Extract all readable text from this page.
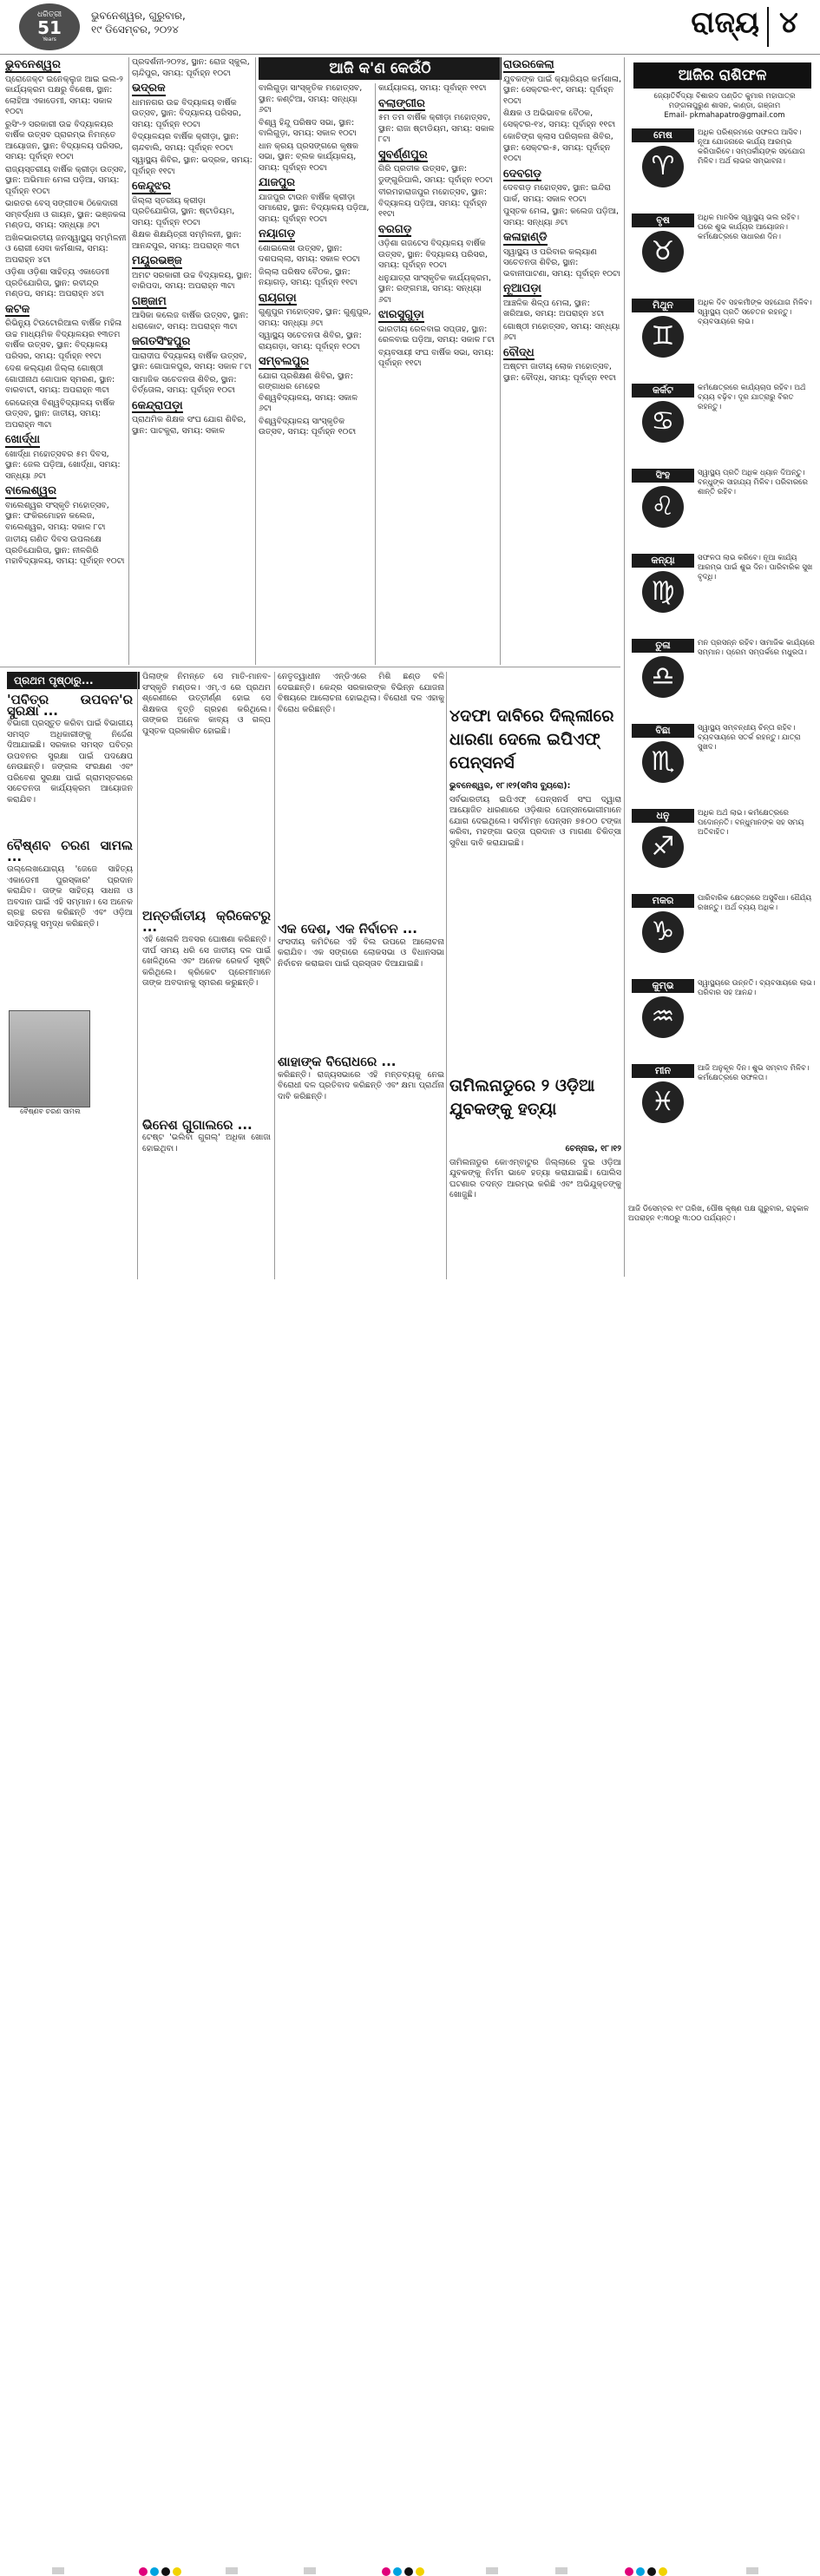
ଧରିତ୍ରୀ
51
Years
ଭୁବନେଶ୍ୱର, ଗୁରୁବାର,
୧୯ ଡିସେମ୍ବର, ୨୦୨୪	ରାଜ୍ୟ ୪
ଆଜି କ'ଣ କେଉଁଠି
ଭୁବନେଶ୍ୱର

ପ୍ରୋଜେକ୍ଟ ଇନେକ୍ଲୁଜ ଆଇ ଇଲ-୨ କାର୍ଯ୍ୟକ୍ରମ ପକ୍ଷରୁ ବିଶେଷ, ସ୍ଥାନ: ଲୋହିଆ ଏକାଡେମୀ, ସମୟ: ସକାଳ ୧୦ଟା

ରୁସିଂ-୨ ସରକାରୀ ଉଚ୍ଚ ବିଦ୍ୟାଳୟର ବାର୍ଷିକ ଉତ୍ସବ ପ୍ରାରମ୍ଭ ନିମନ୍ତେ ଆୟୋଜନ, ସ୍ଥାନ: ବିଦ୍ୟାଳୟ ପରିସର, ସମୟ: ପୂର୍ବାହ୍ନ ୧୦ଟା

ରାଜ୍ୟସ୍ତରୀୟ ବାର୍ଷିକ କ୍ରୀଡ଼ା ଉତ୍ସବ, ସ୍ଥାନ: ଅଭିମାନ ମେଳା ପଡ଼ିଆ, ସମୟ: ପୂର୍ବାହ୍ନ ୧୦ଟା

ଭାରତର ବେସ୍ ସଙ୍ଗୀତଜ୍ଞ ଠିକେଦାରୀ ସମ୍ବର୍ଦ୍ଧନା ଓ ଗାୟନ, ସ୍ଥାନ: ଭଞ୍ଜକଳା ମଣ୍ଡପ, ସମୟ: ସନ୍ଧ୍ୟା ୬ଟା

ଅଖିଳଭାରତୀୟ ଜନସ୍ୱାସ୍ଥ୍ୟ ସମ୍ମିଳନୀ ଓ ରୋଗୀ ସେବା କର୍ମଶାଳା, ସମୟ: ଅପରାହ୍ନ ୪ଟା

ଓଡ଼ିଶା ଓଡ଼ିଶା ସାହିତ୍ୟ ଏକାଡେମୀ ପ୍ରତିଯୋଗିତା, ସ୍ଥାନ: ରବୀନ୍ଦ୍ର ମଣ୍ଡପ, ସମୟ: ଅପରାହ୍ନ ୪ଟା

କଟକ

ରିଭିନ୍ୟୁ ଟିଉଟୋରିଆଲ ବାର୍ଷିକ ମହିଳା ଉଚ୍ଚ ମାଧ୍ୟମିକ ବିଦ୍ୟାଳୟର ୧୩ତମ ବାର୍ଷିକ ଉତ୍ସବ, ସ୍ଥାନ: ବିଦ୍ୟାଳୟ ପରିସର, ସମୟ: ପୂର୍ବାହ୍ନ ୧୧ଟା

ଦେଶ କଲ୍ୟାଣ ଜିଲ୍ଲା ଗୋଷ୍ଠୀ ଗୋପୀନାଥ ଗୋପାଳ ସ୍ମରଣ, ସ୍ଥାନ: ବାରବାଟୀ, ସମୟ: ଅପରାହ୍ନ ୩ଟା

ରେଭେନ୍ସା ବିଶ୍ୱବିଦ୍ୟାଳୟ ବାର୍ଷିକ ଉତ୍ସବ, ସ୍ଥାନ: ଜାତୀୟ, ସମୟ: ଅପରାହ୍ନ ୩ଟା

ଖୋର୍ଦ୍ଧା

ଖୋର୍ଦ୍ଧା ମହୋତ୍ସବର ୫ମ ଦିବସ, ସ୍ଥାନ: ଜେଲ ପଡ଼ିଆ, ଖୋର୍ଦ୍ଧା, ସମୟ: ସନ୍ଧ୍ୟା ୬ଟା

ବାଲେଶ୍ୱର

ବାଲେଶ୍ୱର ସଂସ୍କୃତି ମହୋତ୍ସବ, ସ୍ଥାନ: ଫକିରମୋହନ କଲେଜ, ବାଲେଶ୍ୱର, ସମୟ: ସକାଳ ୮ଟା

ଜାତୀୟ ଗଣିତ ଦିବସ ଉପଲକ୍ଷେ ପ୍ରତିଯୋଗିତା, ସ୍ଥାନ: ନୀଳଗିରି ମହାବିଦ୍ୟାଳୟ, ସମୟ: ପୂର୍ବାହ୍ନ ୧୦ଟା

ପ୍ରଦର୍ଶନୀ-୨୦୨୪, ସ୍ଥାନ: ରୋଜ ସ୍କୁଲ, ଚାନ୍ଦିପୁର, ସମୟ: ପୂର୍ବାହ୍ନ ୧୦ଟା

ଭଦ୍ରକ

ଧାମନଗର ଉଚ୍ଚ ବିଦ୍ୟାଳୟ ବାର୍ଷିକ ଉତ୍ସବ, ସ୍ଥାନ: ବିଦ୍ୟାଳୟ ପରିସର, ସମୟ: ପୂର୍ବାହ୍ନ ୧୦ଟା

ବିଦ୍ୟାଳୟର ବାର୍ଷିକ କ୍ରୀଡ଼ା, ସ୍ଥାନ: ଚାନ୍ଦବାଲି, ସମୟ: ପୂର୍ବାହ୍ନ ୧୦ଟା

ସ୍ୱାସ୍ଥ୍ୟ ଶିବିର, ସ୍ଥାନ: ଭଦ୍ରକ, ସମୟ: ପୂର୍ବାହ୍ନ ୧୧ଟା

କେନ୍ଦୁଝର

ଜିଲ୍ଲା ସ୍ତରୀୟ କ୍ରୀଡ଼ା ପ୍ରତିଯୋଗିତା, ସ୍ଥାନ: ଷ୍ଟାଡିୟମ, ସମୟ: ପୂର୍ବାହ୍ନ ୧୦ଟା

ଶିକ୍ଷକ ଶିକ୍ଷୟିତ୍ରୀ ସମ୍ମିଳନୀ, ସ୍ଥାନ: ଆନନ୍ଦପୁର, ସମୟ: ଅପରାହ୍ନ ୩ଟା

ମୟୂରଭଞ୍ଜ

ଅମଟ ସରକାରୀ ଉଚ୍ଚ ବିଦ୍ୟାଳୟ, ସ୍ଥାନ: ବାରିପଦା, ସମୟ: ଅପରାହ୍ନ ୩ଟା

ଗଞ୍ଜାମ

ଆସିକା କଲେଜ ବାର୍ଷିକ ଉତ୍ସବ, ସ୍ଥାନ: ଧରାକୋଟ, ସମୟ: ଅପରାହ୍ନ ୩ଟା

ଜଗତସିଂହପୁର

ପାରାଦୀପ ବିଦ୍ୟାଳୟ ବାର୍ଷିକ ଉତ୍ସବ, ସ୍ଥାନ: ଗୋପାଳପୁର, ସମୟ: ସକାଳ ୮ଟା

ସାମାଜିକ ସଚେତନତା ଶିବିର, ସ୍ଥାନ: ତିର୍ତ୍ତୋଲ, ସମୟ: ପୂର୍ବାହ୍ନ ୧୦ଟା

କେନ୍ଦ୍ରାପଡ଼ା

ପ୍ରାଥମିକ ଶିକ୍ଷକ ସଂଘ ଯୋଗ ଶିବିର, ସ୍ଥାନ: ପାଟକୁରା, ସମୟ: ସକାଳ

ବାଲିଗୁଡ଼ା ସାଂସ୍କୃତିକ ମହୋତ୍ସବ, ସ୍ଥାନ: କଣ୍ଟିଆ, ସମୟ: ସନ୍ଧ୍ୟା ୬ଟା

ବିଶ୍ୱ ହିନ୍ଦୁ ପରିଷଦ ସଭା, ସ୍ଥାନ: ବାଲିଗୁଡ଼ା, ସମୟ: ସକାଳ ୧୦ଟା

ଧାନ କ୍ରୟ ପ୍ରସଙ୍ଗରେ କୃଷକ ସଭା, ସ୍ଥାନ: ବ୍ଲକ କାର୍ଯ୍ୟାଳୟ, ସମୟ: ପୂର୍ବାହ୍ନ ୧୦ଟା

ଯାଜପୁର

ଯାଜପୁର ଟାଉନ ବାର୍ଷିକ କ୍ରୀଡ଼ା ସମାରୋହ, ସ୍ଥାନ: ବିଦ୍ୟାଳୟ ପଡ଼ିଆ, ସମୟ: ପୂର୍ବାହ୍ନ ୧୦ଟା

ନୟାଗଡ଼

ଶୋଇଲେଖ ଉତ୍ସବ, ସ୍ଥାନ: ଦଶପଲ୍ଲା, ସମୟ: ସକାଳ ୧୦ଟା

ଜିଲ୍ଲା ପରିଷଦ ବୈଠକ, ସ୍ଥାନ: ନୟାଗଡ଼, ସମୟ: ପୂର୍ବାହ୍ନ ୧୧ଟା

ରାୟଗଡ଼ା

ଗୁଣୁପୁର ମହୋତ୍ସବ, ସ୍ଥାନ: ଗୁଣୁପୁର, ସମୟ: ସନ୍ଧ୍ୟା ୬ଟା

ସ୍ୱାସ୍ଥ୍ୟ ସଚେତନତା ଶିବିର, ସ୍ଥାନ: ରାୟଗଡ଼ା, ସମୟ: ପୂର୍ବାହ୍ନ ୧୦ଟା

ସମ୍ବଲପୁର

ଯୋଗ ପ୍ରଶିକ୍ଷଣ ଶିବିର, ସ୍ଥାନ: ଗଙ୍ଗାଧର ମେହେର ବିଶ୍ୱବିଦ୍ୟାଳୟ, ସମୟ: ସକାଳ ୬ଟା

ବିଶ୍ୱବିଦ୍ୟାଳୟ ସାଂସ୍କୃତିକ ଉତ୍ସବ, ସମୟ: ପୂର୍ବାହ୍ନ ୧୦ଟା

କାର୍ଯ୍ୟାଳୟ, ସମୟ: ପୂର୍ବାହ୍ନ ୧୧ଟା

ବଲାଙ୍ଗୀର

୫ମ ତମ ବାର୍ଷିକ କ୍ରୀଡ଼ା ମହୋତ୍ସବ, ସ୍ଥାନ: ରାଜା ଷ୍ଟାଡିୟମ, ସମୟ: ସକାଳ ୮ଟା

ସୁବର୍ଣ୍ଣପୁର

ଗିରି ପ୍ରତୀକ ଉତ୍ସବ, ସ୍ଥାନ: ଡୁଙ୍ଗୁରିପାଲି, ସମୟ: ପୂର୍ବାହ୍ନ ୧୦ଟା

ବୀରମହାରାଜପୁର ମହୋତ୍ସବ, ସ୍ଥାନ: ବିଦ୍ୟାଳୟ ପଡ଼ିଆ, ସମୟ: ପୂର୍ବାହ୍ନ ୧୧ଟା

ବରଗଡ଼

ଓଡ଼ିଶା ଗଜଟେସ ବିଦ୍ୟାଳୟ ବାର୍ଷିକ ଉତ୍ସବ, ସ୍ଥାନ: ବିଦ୍ୟାଳୟ ପରିସର, ସମୟ: ପୂର୍ବାହ୍ନ ୧୦ଟା

ଧନୁଯାତ୍ରା ସାଂସ୍କୃତିକ କାର୍ଯ୍ୟକ୍ରମ, ସ୍ଥାନ: ରଙ୍ଗମଞ୍ଚ, ସମୟ: ସନ୍ଧ୍ୟା ୬ଟା

ଝାରସୁଗୁଡ଼ା

ଭାରତୀୟ ରେଳବାଇ ସପ୍ତାହ, ସ୍ଥାନ: ରେଳବାଇ ପଡ଼ିଆ, ସମୟ: ସକାଳ ୮ଟା

ବ୍ୟବସାୟୀ ସଂଘ ବାର୍ଷିକ ସଭା, ସମୟ: ପୂର୍ବାହ୍ନ ୧୧ଟା

ରାଉରକେଲା

ଯୁବକଙ୍କ ପାଇଁ କ୍ୟାରିୟର କର୍ମଶାଳା, ସ୍ଥାନ: ସେକ୍ଟର-୧୯, ସମୟ: ପୂର୍ବାହ୍ନ ୧୦ଟା

ଶିକ୍ଷକ ଓ ଅଭିଭାବକ ବୈଠକ, ସେକ୍ଟର-୧୪, ସମୟ: ପୂର୍ବାହ୍ନ ୧୧ଟା

କୋଚିଙ୍ଗ କ୍ଲାସ ପରିଚାଳନା ଶିବିର, ସ୍ଥାନ: ସେକ୍ଟର-୫, ସମୟ: ପୂର୍ବାହ୍ନ ୧୦ଟା

ଦେବଗଡ଼

ଦେବଗଡ଼ ମହୋତ୍ସବ, ସ୍ଥାନ: ଇନ୍ଦିରା ପାର୍କ, ସମୟ: ସକାଳ ୧୦ଟା

ପୁସ୍ତକ ମେଳା, ସ୍ଥାନ: କଲେଜ ପଡ଼ିଆ, ସମୟ: ସନ୍ଧ୍ୟା ୬ଟା

କଳାହାଣ୍ଡି

ସ୍ୱାସ୍ଥ୍ୟ ଓ ପରିବାର କଲ୍ୟାଣ ସଚେତନତା ଶିବିର, ସ୍ଥାନ: ଭବାନୀପାଟଣା, ସମୟ: ପୂର୍ବାହ୍ନ ୧୦ଟା

ନୂଆପଡ଼ା

ଆଞ୍ଚଳିକ ଶିଳ୍ପ ମେଳା, ସ୍ଥାନ: ଖରିଆର, ସମୟ: ଅପରାହ୍ନ ୪ଟା

ଗୋଷ୍ଠୀ ମହୋତ୍ସବ, ସମୟ: ସନ୍ଧ୍ୟା ୬ଟା

ବୌଦ୍ଧ

ଅଷ୍ଟମ ଜାତୀୟ ଲୋକ ମହୋତ୍ସବ, ସ୍ଥାନ: ବୌଦ୍ଧ, ସମୟ: ପୂର୍ବାହ୍ନ ୧୧ଟା

ଆଜିର ରାଶିଫଳ
ଜ୍ୟୋତିର୍ବିଦ୍ୟା ବିଶାରଦ ପଣ୍ଡିତ କୁମାର ମହାପାତ୍ର
ମଙ୍ଗଳାପୁରୁଣ ଶାସନ, କାଣ୍ଡା, ଗଞ୍ଜାମ
Email- pkmahapatro@gmail.com
ମେଷ
♈
ଅଧିକ ପରିଶ୍ରମରେ ସଫଳତା ଆସିବ। ନୂଆ ଯୋଜନାରେ କାର୍ଯ୍ୟ ଆରମ୍ଭ କରିପାରିବେ। ସମ୍ପର୍କୀୟଙ୍କ ସହଯୋଗ ମିଳିବ। ଅର୍ଥ ଲାଭର ସମ୍ଭାବନା।
ବୃଷ
♉
ଅଧିକ ମାନସିକ ସ୍ୱାସ୍ଥ୍ୟ ଭଲ ରହିବ। ଘରେ ଶୁଭ କାର୍ଯ୍ୟର ଆୟୋଜନ। କର୍ମକ୍ଷେତ୍ରରେ ସାଧାରଣ ଦିନ।
ମିଥୁନ
♊
ଅଧିକ ଦିବ ସହକର୍ମୀଙ୍କ ସହଯୋଗ ମିଳିବ। ସ୍ୱାସ୍ଥ୍ୟ ପ୍ରତି ସଚେତନ ରହନ୍ତୁ। ବ୍ୟବସାୟରେ ଲାଭ।
କର୍କଟ
♋
କର୍ମକ୍ଷେତ୍ରରେ କାର୍ଯ୍ୟଚାପ ରହିବ। ଅର୍ଥ ବ୍ୟୟ ବଢ଼ିବ। ଦୂର ଯାତ୍ରାରୁ ବିରତ ରହନ୍ତୁ।
ସିଂହ
♌
ସ୍ୱାସ୍ଥ୍ୟ ପ୍ରତି ଅଧିକ ଧ୍ୟାନ ଦିଅନ୍ତୁ। ବନ୍ଧୁଙ୍କ ସାହାଯ୍ୟ ମିଳିବ। ପରିବାରରେ ଶାନ୍ତି ରହିବ।
କନ୍ୟା
♍
ସଫଳତା ଲାଭ କରିବେ। ନୂଆ କାର୍ଯ୍ୟ ଆରମ୍ଭ ପାଇଁ ଶୁଭ ଦିନ। ପାରିବାରିକ ସୁଖ ବୃଦ୍ଧି।
ତୁଳା
♎
ମନ ପ୍ରସନ୍ନ ରହିବ। ସାମାଜିକ କାର୍ଯ୍ୟରେ ସମ୍ମାନ। ପ୍ରେମ ସମ୍ପର୍କରେ ମଧୁରତା।
ବିଛା
♏
ସ୍ୱାସ୍ଥ୍ୟ ସମ୍ବନ୍ଧୀୟ ଚିନ୍ତା ରହିବ। ବ୍ୟବସାୟରେ ସତର୍କ ରହନ୍ତୁ। ଯାତ୍ରା ସୁଖଦ।
ଧନୁ
♐
ଅଧିକ ଅର୍ଥ ଲାଭ। କର୍ମକ୍ଷେତ୍ରରେ ପଦୋନ୍ନତି। ବନ୍ଧୁମାନଙ୍କ ସହ ସମୟ ଅତିବାହିତ।
ମକର
♑
ପାରିବାରିକ କ୍ଷେତ୍ରରେ ଅସୁବିଧା। ଧୈର୍ଯ୍ୟ ରଖନ୍ତୁ। ଅର୍ଥ ବ୍ୟୟ ଅଧିକ।
କୁମ୍ଭ
♒
ସ୍ୱାସ୍ଥ୍ୟରେ ଉନ୍ନତି। ବ୍ୟବସାୟରେ ଲାଭ। ପରିବାର ସହ ଆନନ୍ଦ।
ମୀନ
♓
ଆଜି ଅନୁକୂଳ ଦିନ। ଶୁଭ ସମ୍ବାଦ ମିଳିବ। କର୍ମକ୍ଷେତ୍ରରେ ସଫଳତା।
ଆଜି ଡିସେମ୍ବର ୧୯ ତାରିଖ, ପୌଷ କୃଷ୍ଣ ପକ୍ଷ ଗୁରୁବାର, ରାହୁକାଳ ଅପରାହ୍ନ ୧:୩୦ରୁ ୩:୦୦ ପର୍ଯ୍ୟନ୍ତ।
ପ୍ରଥମ ପୃଷ୍ଠାରୁ...
'ପବିତ୍ର ଉପବନ'ର ସୁରକ୍ଷା ...

ବିଭାଗୀ ପ୍ରସ୍ତୁତ କରିବା ପାଇଁ ବିଭାଗୀୟ ସମସ୍ତ ଅଧିକାରୀଙ୍କୁ ନିର୍ଦ୍ଦେଶ ଦିଆଯାଇଛି। ସରକାର ସମସ୍ତ ପବିତ୍ର ଉପବନର ସୁରକ୍ଷା ପାଇଁ ପଦକ୍ଷେପ ନେଉଛନ୍ତି। ଜଙ୍ଗଲ ସଂରକ୍ଷଣ ଏବଂ ପରିବେଶ ସୁରକ୍ଷା ପାଇଁ ଗ୍ରାମସ୍ତରରେ ସଚେତନତା କାର୍ଯ୍ୟକ୍ରମ ଆୟୋଜନ କରାଯିବ।

ବୈଷ୍ଣବ ଚରଣ ସାମଲ ...

ଉଲ୍ଲେଖଯୋଗ୍ୟ 'ଜେଜେ ସାହିତ୍ୟ ଏକାଡେମୀ ପୁରସ୍କାର' ପ୍ରଦାନ କରାଯିବ। ତାଙ୍କ ସାହିତ୍ୟ ସାଧନା ଓ ଅବଦାନ ପାଇଁ ଏହି ସମ୍ମାନ। ସେ ଅନେକ ଗ୍ରନ୍ଥ ରଚନା କରିଛନ୍ତି ଏବଂ ଓଡ଼ିଆ ସାହିତ୍ୟକୁ ସମୃଦ୍ଧ କରିଛନ୍ତି।

ବୈଷ୍ଣବ ଚରଣ ସାମଲ

ପିଲାଙ୍କ ନିମନ୍ତେ ସେ ମାତି-ମାନବ-ସଂସ୍କୃତି ମଣ୍ଡଳ। ଏମ୍.ଏ ରେ ପ୍ରଥମ ଶ୍ରେଣୀରେ ଉତ୍ତୀର୍ଣ୍ଣ ହୋଇ ସେ ଶିକ୍ଷକତା ବୃତ୍ତି ଗ୍ରହଣ କରିଥିଲେ। ତାଙ୍କର ଅନେକ କାବ୍ୟ ଓ ଗଳ୍ପ ପୁସ୍ତକ ପ୍ରକାଶିତ ହୋଇଛି।

ଅନ୍ତର୍ଜାତୀୟ କ୍ରିକେଟରୁ ...

ଏହି ଖେଳାଳି ଅବସର ଘୋଷଣା କରିଛନ୍ତି। ଦୀର୍ଘ ସମୟ ଧରି ସେ ଜାତୀୟ ଦଳ ପାଇଁ ଖେଳିଥିଲେ ଏବଂ ଅନେକ ରେକର୍ଡ ସୃଷ୍ଟି କରିଥିଲେ। କ୍ରିକେଟ ପ୍ରେମୀମାନେ ତାଙ୍କ ଅବଦାନକୁ ସ୍ମରଣ କରୁଛନ୍ତି।

ଭିନେଶ ଗୁଗାଲରେ ...

ଟେଷ୍ଟ 'ଭଲିବା ଗୁଗଲ୍' ଅଧିକା ଖୋଜା ହୋଇଥିବା।

ନେତୃତ୍ୱାଧୀନ ଏନ୍‌ଡିଏରେ ମିଶି ଛଣ୍ଡ ବଳି ଦେଇଛନ୍ତି। କେନ୍ଦ୍ର ସରକାରଙ୍କ ବିଭିନ୍ନ ଯୋଜନା ବିଷୟରେ ଆଲୋଚନା ହୋଇଥିଲା। ବିରୋଧୀ ଦଳ ଏହାକୁ ବିରୋଧ କରିଛନ୍ତି।

ଏକ ଦେଶ, ଏକ ନିର୍ବାଚନ ...

ସଂସଦୀୟ କମିଟିରେ ଏହି ବିଲ ଉପରେ ଆଲୋଚନା କରାଯିବ। ଏକ ସଙ୍ଗରେ ଲୋକସଭା ଓ ବିଧାନସଭା ନିର୍ବାଚନ କରାଇବା ପାଇଁ ପ୍ରସ୍ତାବ ଦିଆଯାଇଛି।

ଶାହାଙ୍କ ବିରୋଧରେ ...

କରିଛନ୍ତି। ରାଜ୍ୟସଭାରେ ଏହି ମନ୍ତବ୍ୟକୁ ନେଇ ବିରୋଧୀ ଦଳ ପ୍ରତିବାଦ କରିଛନ୍ତି ଏବଂ କ୍ଷମା ପ୍ରାର୍ଥନା ଦାବି କରିଛନ୍ତି।

୪ଦଫା ଦାବିରେ ଦିଲ୍ଲୀରେ ଧାରଣା ଦେଲେ ଇପିଏଫ୍ ପେନ୍‌ସନର୍ସ

ଭୁବନେଶ୍ୱର, ୧୮।୧୨(ସମିସ ବ୍ୟୁରୋ):

ସର୍ବଭାରତୀୟ ଇପିଏଫ୍ ପେନ୍‌ସନର୍ସ ସଂଘ ଦ୍ୱାରା ଆୟୋଜିତ ଧାରଣାରେ ଓଡ଼ିଶାର ପେନ୍‌ସନଭୋଗୀମାନେ ଯୋଗ ଦେଇଥିଲେ। ସର୍ବନିମ୍ନ ପେନ୍‌ସନ ୭୫୦୦ ଟଙ୍କା କରିବା, ମହଙ୍ଗା ଭତ୍ତା ପ୍ରଦାନ ଓ ମାଗଣା ଚିକିତ୍ସା ସୁବିଧା ଦାବି କରାଯାଇଛି।

ତାମିଲନାଡୁରେ ୨ ଓଡ଼ିଆ ଯୁବକଙ୍କୁ ହତ୍ୟା

ଚେନ୍ନାଇ, ୧୮।୧୨

ତାମିଲନାଡୁର କୋଏମ୍ବାଟୁର ଜିଲ୍ଲାରେ ଦୁଇ ଓଡ଼ିଆ ଯୁବକଙ୍କୁ ନିର୍ମମ ଭାବେ ହତ୍ୟା କରାଯାଇଛି। ପୋଲିସ ଘଟଣାର ତଦନ୍ତ ଆରମ୍ଭ କରିଛି ଏବଂ ଅଭିଯୁକ୍ତଙ୍କୁ ଖୋଜୁଛି।
